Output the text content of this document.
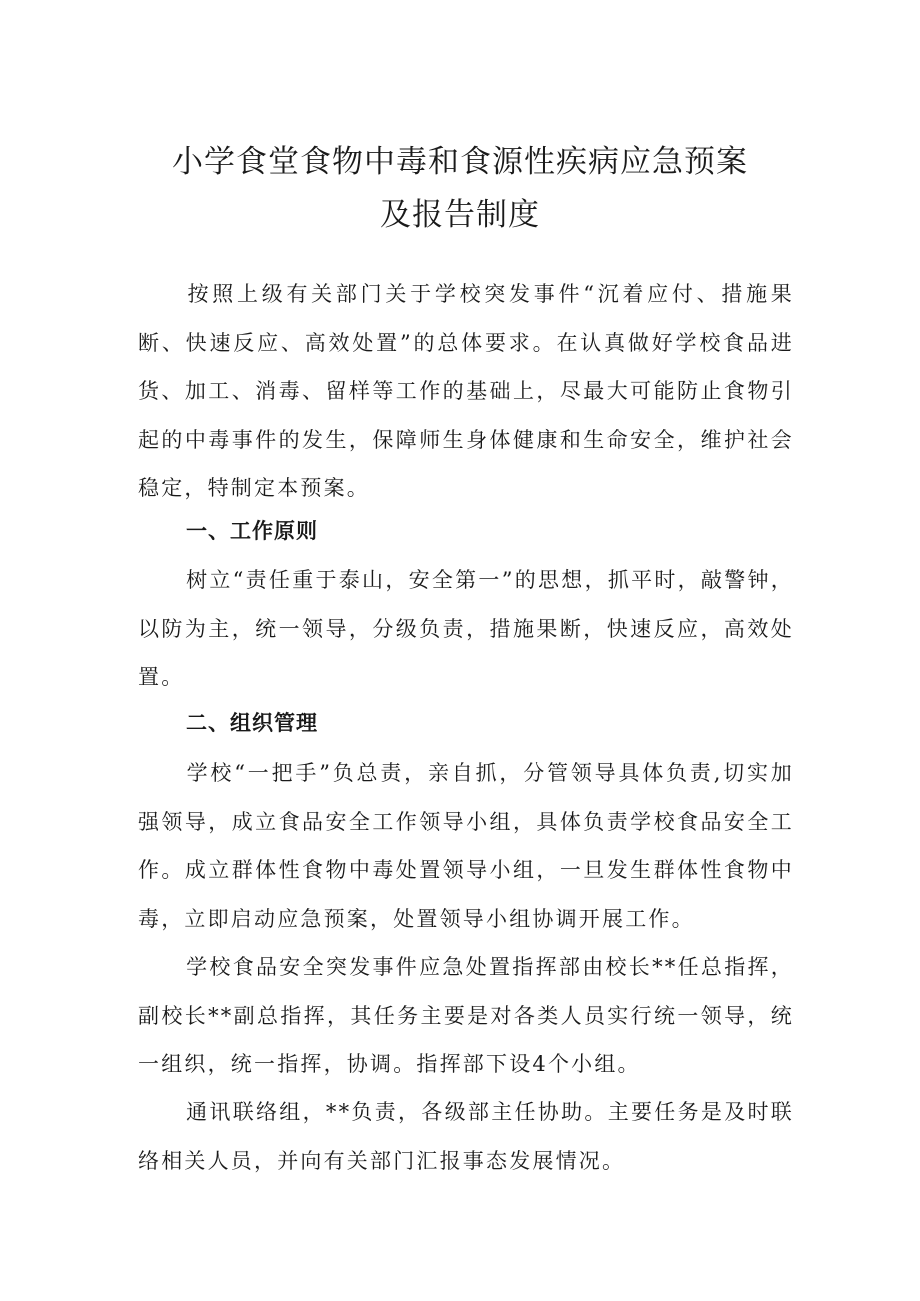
小学食堂食物中毒和食源性疾病应急预案
及报告制度

按照上级有关部门关于学校突发事件“沉着应付、措施果断、快速反应、高效处置”的总体要求。在认真做好学校食品进货、加工、消毒、留样等工作的基础上，尽最大可能防止食物引起的中毒事件的发生，保障师生身体健康和生命安全，维护社会稳定，特制定本预案。

一、工作原则

树立“责任重于泰山，安全第一”的思想，抓平时，敲警钟，以防为主，统一领导，分级负责，措施果断，快速反应，高效处置。

二、组织管理

学校“一把手”负总责，亲自抓，分管领导具体负责,切实加强领导，成立食品安全工作领导小组，具体负责学校食品安全工作。成立群体性食物中毒处置领导小组，一旦发生群体性食物中毒，立即启动应急预案，处置领导小组协调开展工作。

学校食品安全突发事件应急处置指挥部由校长**任总指挥，副校长**副总指挥，其任务主要是对各类人员实行统一领导，统一组织，统一指挥，协调。指挥部下设4个小组。

通讯联络组，**负责，各级部主任协助。主要任务是及时联络相关人员，并向有关部门汇报事态发展情况。
